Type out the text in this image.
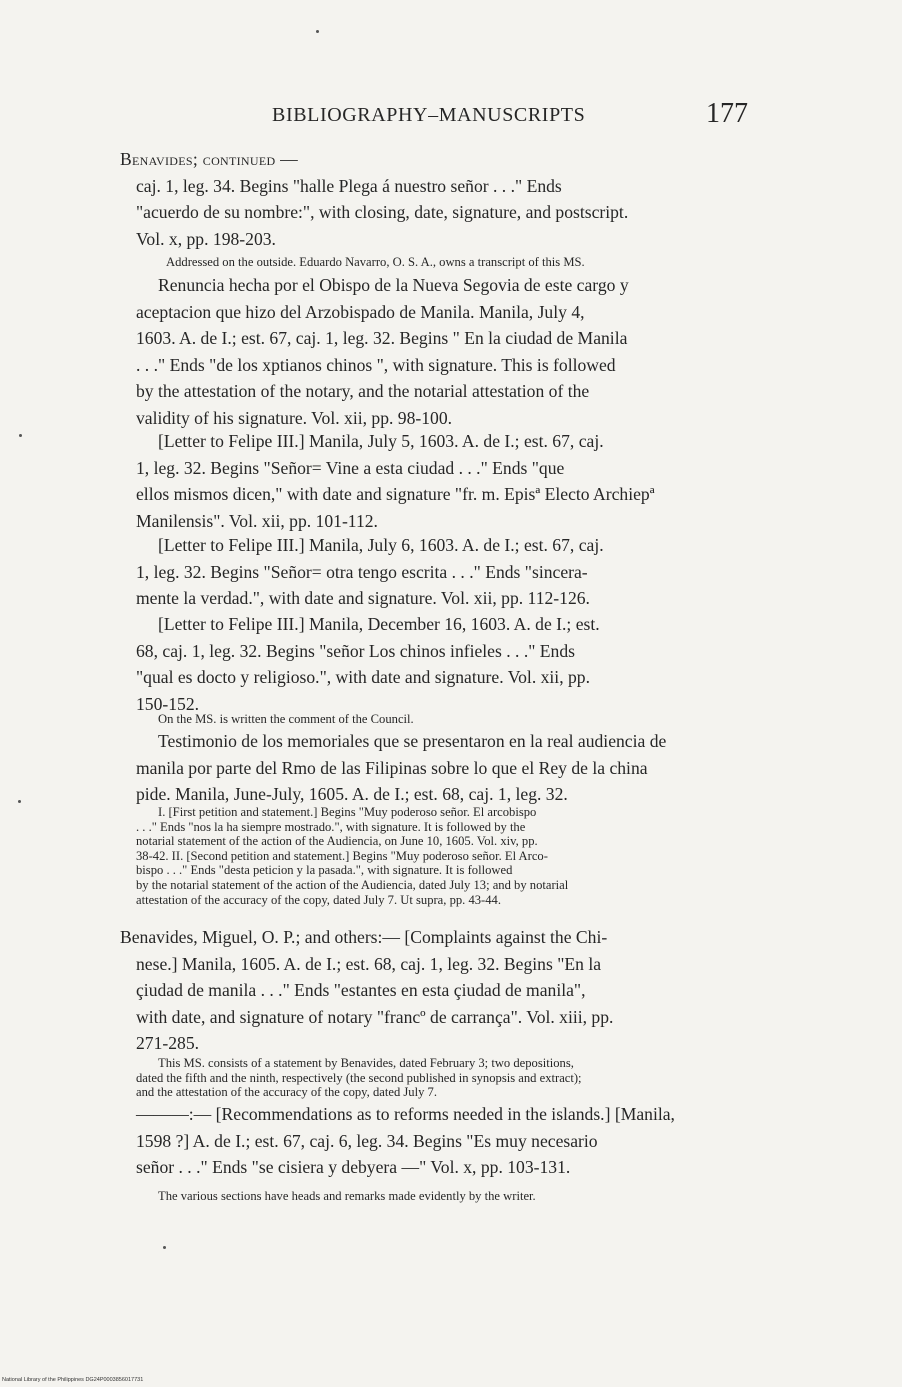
BIBLIOGRAPHY–MANUSCRIPTS	177
Benavides; continued —
caj. 1, leg. 34. Begins "halle Plega á nuestro señor . . ." Ends
"acuerdo de su nombre:", with closing, date, signature, and postscript.
Vol. x, pp. 198-203.
Addressed on the outside. Eduardo Navarro, O. S. A., owns a transcript of this MS.
Renuncia hecha por el Obispo de la Nueva Segovia de este cargo y
aceptacion que hizo del Arzobispado de Manila. Manila, July 4,
1603. A. de I.; est. 67, caj. 1, leg. 32. Begins " En la ciudad de Manila
. . ." Ends "de los xptianos chinos ", with signature. This is followed
by the attestation of the notary, and the notarial attestation of the
validity of his signature. Vol. xii, pp. 98-100.
[Letter to Felipe III.] Manila, July 5, 1603. A. de I.; est. 67, caj.
1, leg. 32. Begins "Señor= Vine a esta ciudad . . ." Ends "que
ellos mismos dicen," with date and signature "fr. m. Episª Electo Archiepª
Manilensis". Vol. xii, pp. 101-112.
[Letter to Felipe III.] Manila, July 6, 1603. A. de I.; est. 67, caj.
1, leg. 32. Begins "Señor= otra tengo escrita . . ." Ends "sincera-
mente la verdad.", with date and signature. Vol. xii, pp. 112-126.
[Letter to Felipe III.] Manila, December 16, 1603. A. de I.; est.
68, caj. 1, leg. 32. Begins "señor Los chinos infieles . . ." Ends
"qual es docto y religioso.", with date and signature. Vol. xii, pp.
150-152.
On the MS. is written the comment of the Council.
Testimonio de los memoriales que se presentaron en la real audiencia de
manila por parte del Rmo de las Filipinas sobre lo que el Rey de la china
pide. Manila, June-July, 1605. A. de I.; est. 68, caj. 1, leg. 32.
I. [First petition and statement.] Begins "Muy poderoso señor. El arcobispo
. . ." Ends "nos la ha siempre mostrado.", with signature. It is followed by the
notarial statement of the action of the Audiencia, on June 10, 1605. Vol. xiv, pp.
38-42. II. [Second petition and statement.] Begins "Muy poderoso señor. El Arco-
bispo . . ." Ends "desta peticion y la pasada.", with signature. It is followed
by the notarial statement of the action of the Audiencia, dated July 13; and by notarial
attestation of the accuracy of the copy, dated July 7. Ut supra, pp. 43-44.
Benavides, Miguel, O. P.; and others:— [Complaints against the Chi-
nese.] Manila, 1605. A. de I.; est. 68, caj. 1, leg. 32. Begins "En la
çiudad de manila . . ." Ends "estantes en esta çiudad de manila",
with date, and signature of notary "francº de carrança". Vol. xiii, pp.
271-285.
This MS. consists of a statement by Benavides, dated February 3; two depositions,
dated the fifth and the ninth, respectively (the second published in synopsis and extract);
and the attestation of the accuracy of the copy, dated July 7.
———:— [Recommendations as to reforms needed in the islands.] [Manila,
1598 ?] A. de I.; est. 67, caj. 6, leg. 34. Begins "Es muy necesario
señor . . ." Ends "se cisiera y debyera —" Vol. x, pp. 103-131.
The various sections have heads and remarks made evidently by the writer.
National Library of the Philippines DG24P0003856017731
